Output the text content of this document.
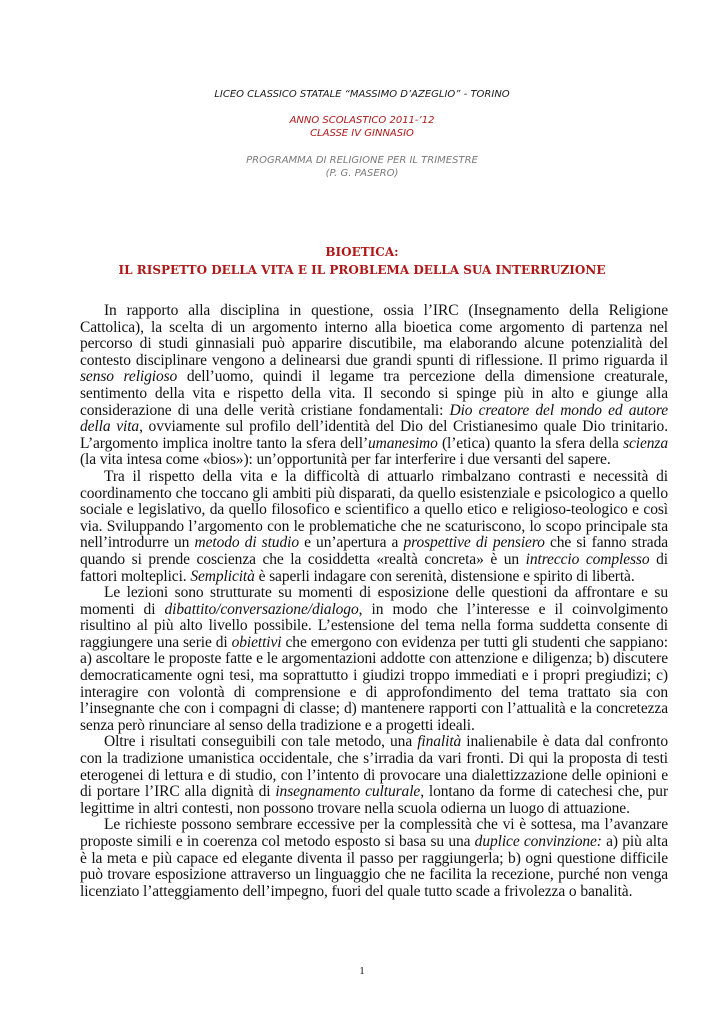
LICEO CLASSICO STATALE “MASSIMO D’AZEGLIO” - TORINO

ANNO SCOLASTICO 2011-’12

CLASSE IV GINNASIO

PROGRAMMA DI RELIGIONE PER IL TRIMESTRE

(P. G. PASERO)

BIOETICA:
IL RISPETTO DELLA VITA E IL PROBLEMA DELLA SUA INTERRUZIONE

In rapporto alla disciplina in questione, ossia l’IRC (Insegnamento della Religione Cattolica), la scelta di un argomento interno alla bioetica come argomento di partenza nel percorso di studi ginnasiali può apparire discutibile, ma elaborando alcune potenzialità del contesto disciplinare vengono a delinearsi due grandi spunti di riflessione. Il primo riguarda il senso religioso dell’uomo, quindi il legame tra percezione della dimensione creaturale, sentimento della vita e rispetto della vita. Il secondo si spinge più in alto e giunge alla considerazione di una delle verità cristiane fondamentali: Dio creatore del mondo ed autore della vita, ovviamente sul profilo dell’identità del Dio del Cristianesimo quale Dio trinitario. L’argomento implica inoltre tanto la sfera dell’umanesimo (l’etica) quanto la sfera della scienza (la vita intesa come «bios»): un’opportunità per far interferire i due versanti del sapere.

Tra il rispetto della vita e la difficoltà di attuarlo rimbalzano contrasti e necessità di coordinamento che toccano gli ambiti più disparati, da quello esistenziale e psicologico a quello sociale e legislativo, da quello filosofico e scientifico a quello etico e religioso-teologico e così via. Sviluppando l’argomento con le problematiche che ne scaturiscono, lo scopo principale sta nell’introdurre un metodo di studio e un’apertura a prospettive di pensiero che si fanno strada quando si prende coscienza che la cosiddetta «realtà concreta» è un intreccio complesso di fattori molteplici. Semplicità è saperli indagare con serenità, distensione e spirito di libertà.

Le lezioni sono strutturate su momenti di esposizione delle questioni da affrontare e su momenti di dibattito/conversazione/dialogo, in modo che l’interesse e il coinvolgimento risultino al più alto livello possibile. L’estensione del tema nella forma suddetta consente di raggiungere una serie di obiettivi che emergono con evidenza per tutti gli studenti che sappiano: a) ascoltare le proposte fatte e le argomentazioni addotte con attenzione e diligenza; b) discutere democraticamente ogni tesi, ma soprattutto i giudizi troppo immediati e i propri pregiudizi; c) interagire con volontà di comprensione e di approfondimento del tema trattato sia con l’insegnante che con i compagni di classe; d) mantenere rapporti con l’attualità e la concretezza senza però rinunciare al senso della tradizione e a progetti ideali.

Oltre i risultati conseguibili con tale metodo, una finalità inalienabile è data dal confronto con la tradizione umanistica occidentale, che s’irradia da vari fronti. Di qui la proposta di testi eterogenei di lettura e di studio, con l’intento di provocare una dialettizzazione delle opinioni e di portare l’IRC alla dignità di insegnamento culturale, lontano da forme di catechesi che, pur legittime in altri contesti, non possono trovare nella scuola odierna un luogo di attuazione.

Le richieste possono sembrare eccessive per la complessità che vi è sottesa, ma l’avanzare proposte simili e in coerenza col metodo esposto si basa su una duplice convinzione: a) più alta è la meta e più capace ed elegante diventa il passo per raggiungerla; b) ogni questione difficile può trovare esposizione attraverso un linguaggio che ne facilita la recezione, purché non venga licenziato l’atteggiamento dell’impegno, fuori del quale tutto scade a frivolezza o banalità.

1
